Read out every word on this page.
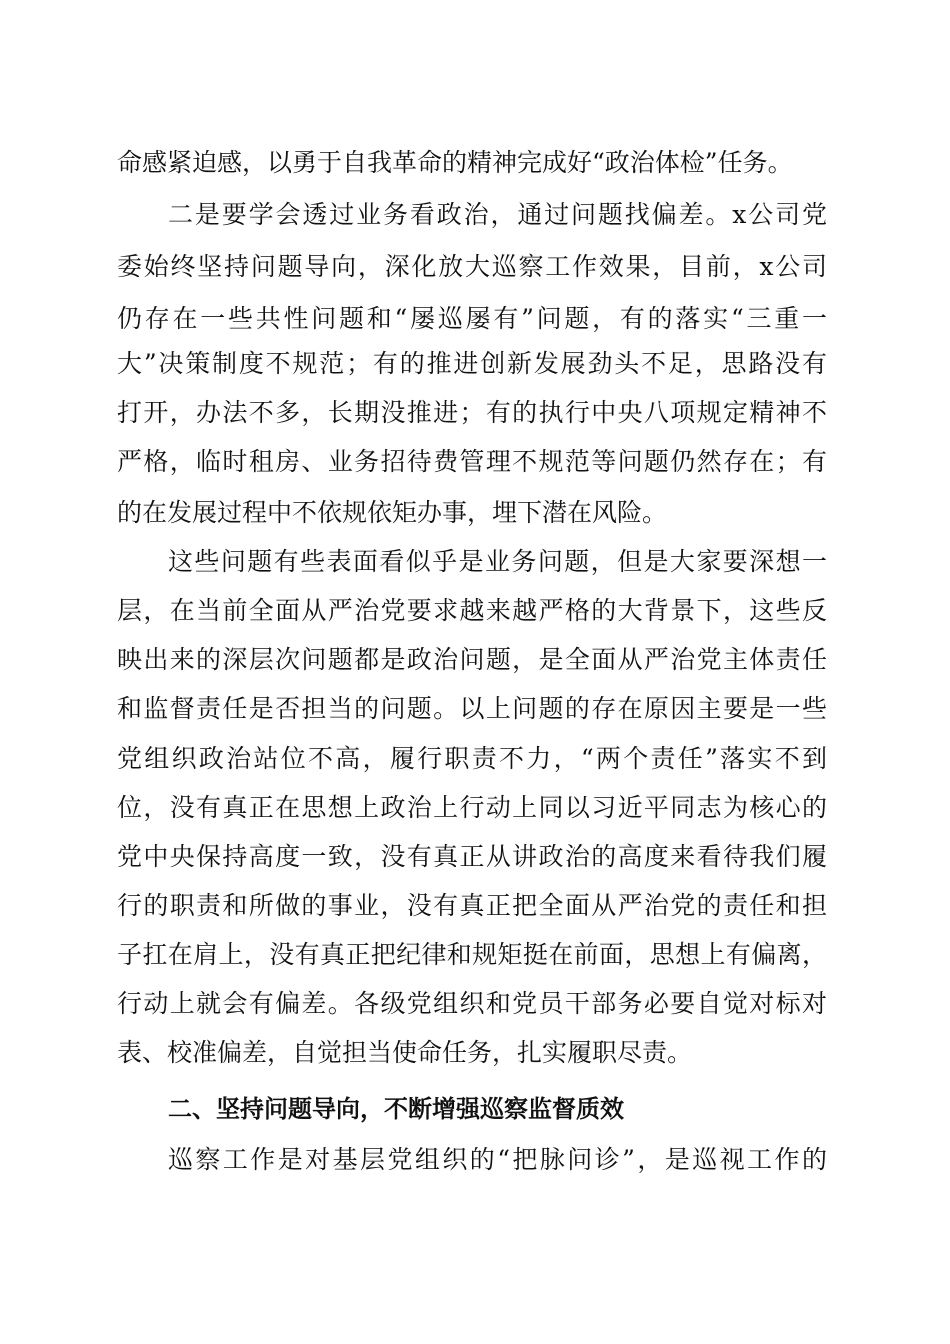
命感紧迫感，以勇于自我革命的精神完成好“政治体检”任务。
二是要学会透过业务看政治，通过问题找偏差。x公司党
委始终坚持问题导向，深化放大巡察工作效果，目前，x公司
仍存在一些共性问题和“屡巡屡有”问题，有的落实“三重一
大”决策制度不规范；有的推进创新发展劲头不足，思路没有
打开，办法不多，长期没推进；有的执行中央八项规定精神不
严格，临时租房、业务招待费管理不规范等问题仍然存在；有
的在发展过程中不依规依矩办事，埋下潜在风险。
这些问题有些表面看似乎是业务问题，但是大家要深想一
层，在当前全面从严治党要求越来越严格的大背景下，这些反
映出来的深层次问题都是政治问题，是全面从严治党主体责任
和监督责任是否担当的问题。以上问题的存在原因主要是一些
党组织政治站位不高，履行职责不力，“两个责任”落实不到
位，没有真正在思想上政治上行动上同以习近平同志为核心的
党中央保持高度一致，没有真正从讲政治的高度来看待我们履
行的职责和所做的事业，没有真正把全面从严治党的责任和担
子扛在肩上，没有真正把纪律和规矩挺在前面，思想上有偏离，
行动上就会有偏差。各级党组织和党员干部务必要自觉对标对
表、校准偏差，自觉担当使命任务，扎实履职尽责。
二、坚持问题导向，不断增强巡察监督质效
巡察工作是对基层党组织的“把脉问诊”，是巡视工作的
